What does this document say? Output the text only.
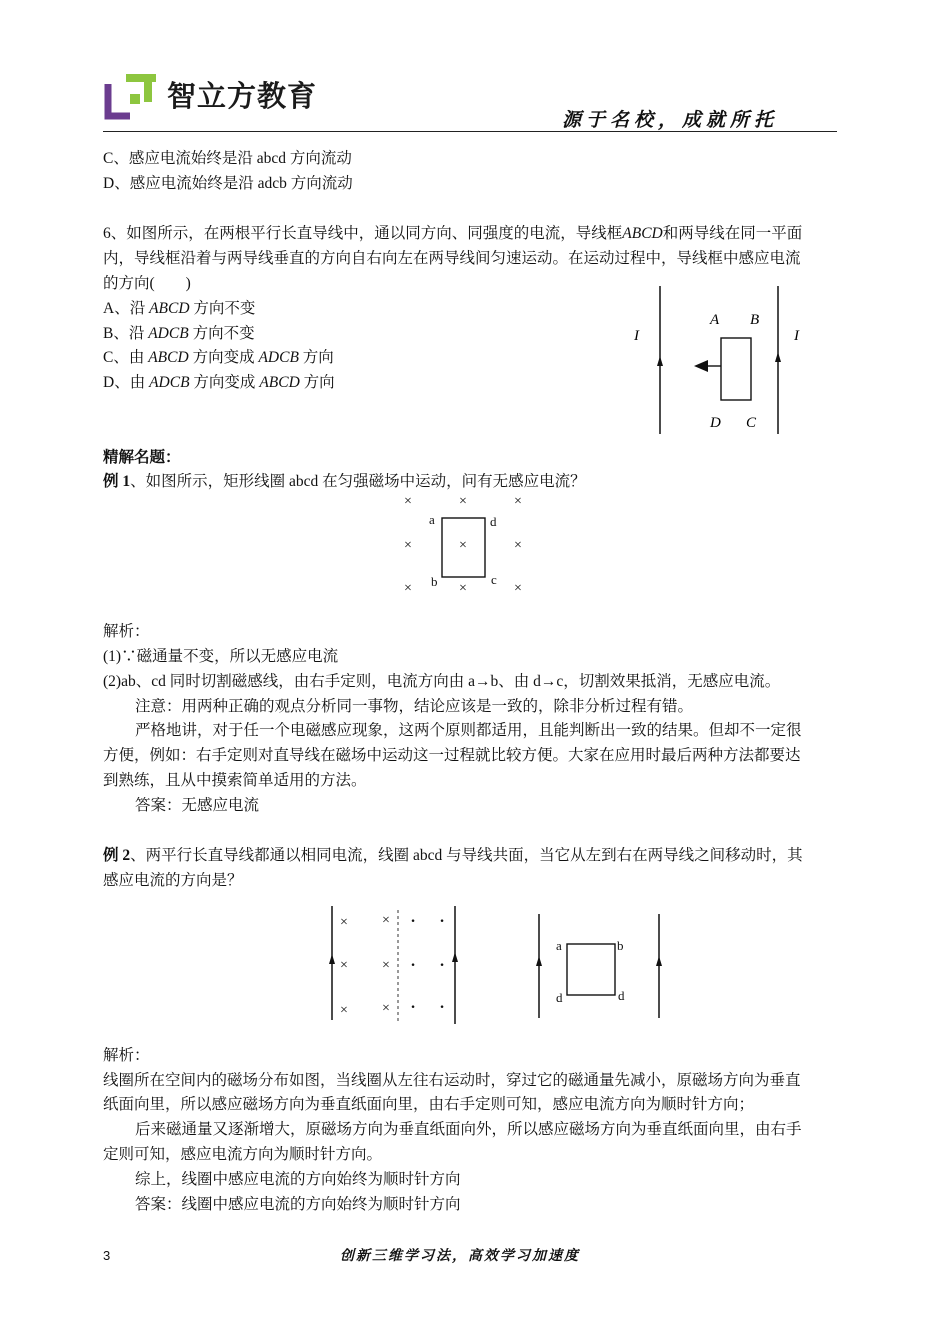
智立方教育
源于名校，成就所托
C、感应电流始终是沿 abcd 方向流动
D、感应电流始终是沿 adcb 方向流动
6、如图所示，在两根平行长直导线中，通以同方向、同强度的电流，导线框ABCD和两导线在同一平面
内，导线框沿着与两导线垂直的方向自右向左在两导线间匀速运动。在运动过程中，导线框中感应电流
的方向(　　)
A、沿 ABCD 方向不变
B、沿 ADCB 方向不变
C、由 ABCD 方向变成 ADCB 方向
D、由 ADCB 方向变成 ABCD 方向
I	I
A B
D C
精解名题：
例 1、如图所示，矩形线圈 abcd 在匀强磁场中运动，问有无感应电流？
×	×	×
×	×	×
×	×	×
a	d
b	c
解析：
(1)∵磁通量不变，所以无感应电流
(2)ab、cd 同时切割磁感线，由右手定则，电流方向由 a→b、由 d→c，切割效果抵消，无感应电流。
注意：用两种正确的观点分析同一事物，结论应该是一致的，除非分析过程有错。
严格地讲，对于任一个电磁感应现象，这两个原则都适用，且能判断出一致的结果。但却不一定很
方便，例如：右手定则对直导线在磁场中运动这一过程就比较方便。大家在应用时最后两种方法都要达
到熟练，且从中摸索简单适用的方法。
答案：无感应电流
例 2、两平行长直导线都通以相同电流，线圈 abcd 与导线共面，当它从左到右在两导线之间移动时，其
感应电流的方向是？
× ×
× ×
× ×
· ·
· ·
· ·
a	b
d	d
解析：
线圈所在空间内的磁场分布如图，当线圈从左往右运动时，穿过它的磁通量先减小，原磁场方向为垂直
纸面向里，所以感应磁场方向为垂直纸面向里，由右手定则可知，感应电流方向为顺时针方向；
后来磁通量又逐渐增大，原磁场方向为垂直纸面向外，所以感应磁场方向为垂直纸面向里，由右手
定则可知，感应电流方向为顺时针方向。
综上，线圈中感应电流的方向始终为顺时针方向
答案：线圈中感应电流的方向始终为顺时针方向
3	创新三维学习法，高效学习加速度
